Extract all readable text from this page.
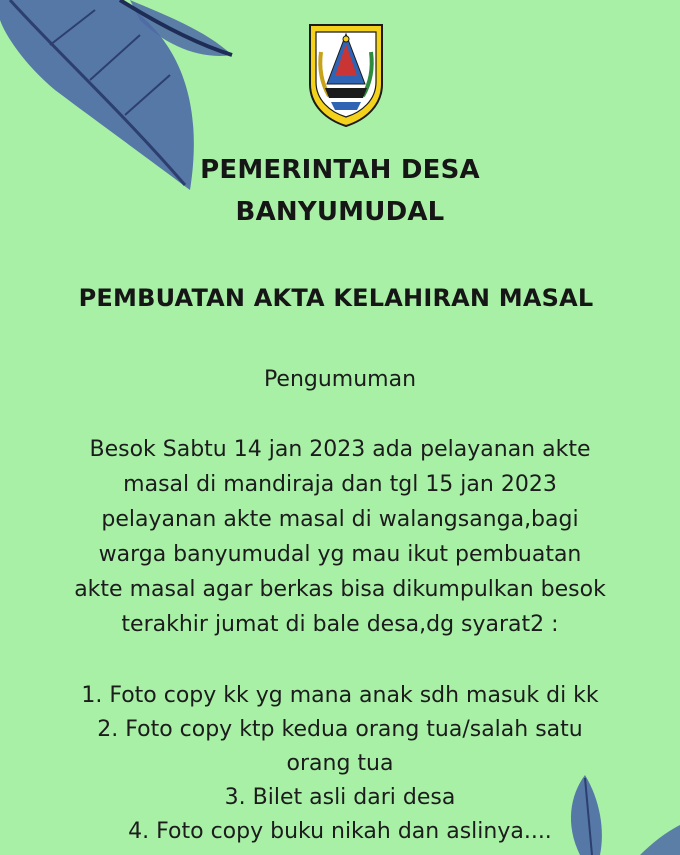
PEMERINTAH DESA
BANYUMUDAL
PEMBUATAN AKTA KELAHIRAN MASAL
Pengumuman
Besok Sabtu 14 jan 2023 ada pelayanan akte
masal di mandiraja dan tgl 15 jan 2023
pelayanan akte masal di walangsanga,bagi
warga banyumudal yg mau ikut pembuatan
akte masal agar berkas bisa dikumpulkan besok
terakhir jumat di bale desa,dg syarat2 :
1. Foto copy kk yg mana anak sdh masuk di kk
2. Foto copy ktp kedua orang tua/salah satu
orang tua
3. Bilet asli dari desa
4. Foto copy buku nikah dan aslinya....
